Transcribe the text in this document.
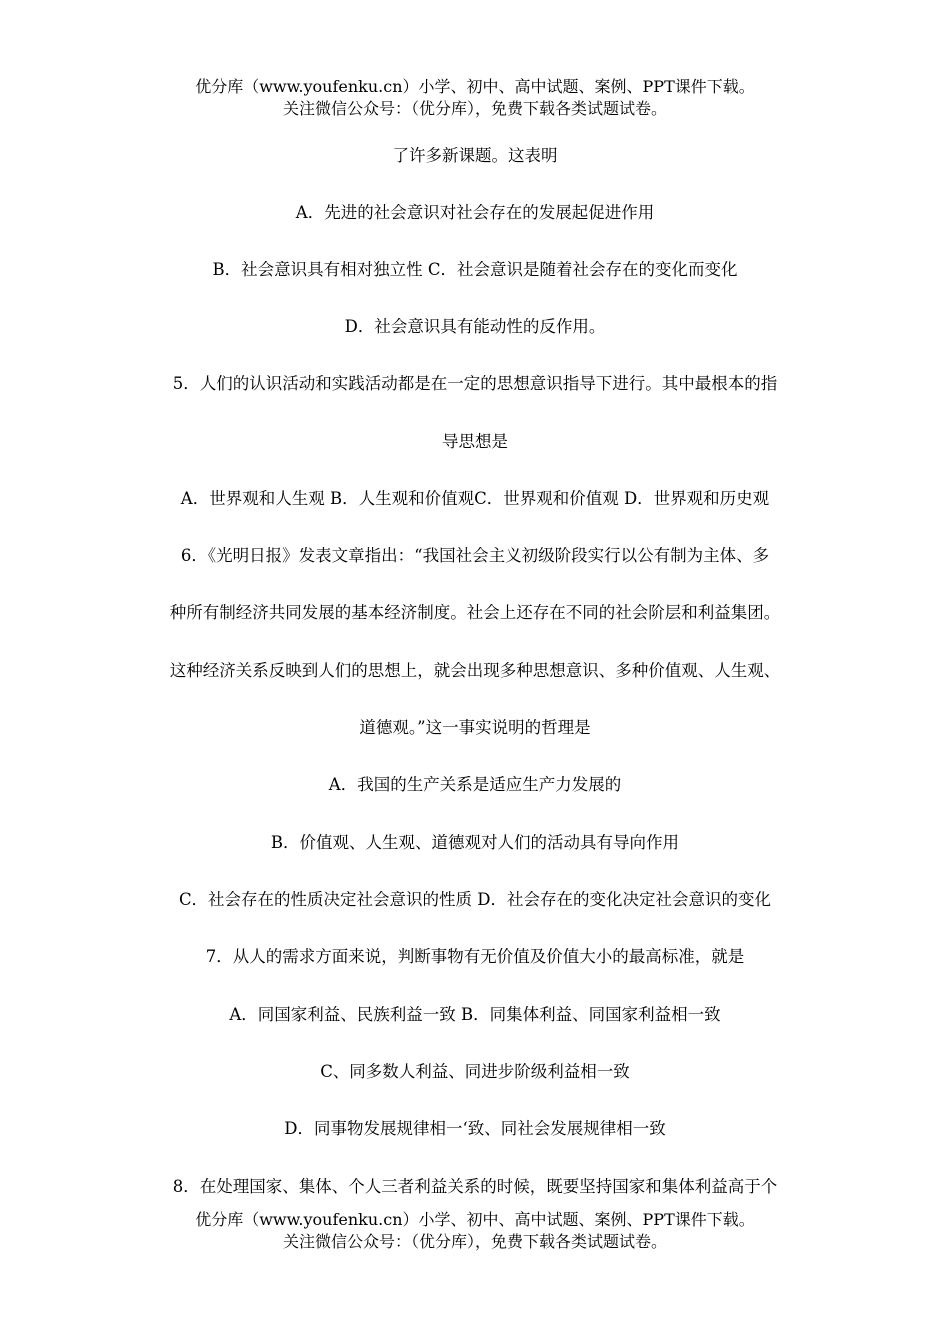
优分库（www.youfenku.cn）小学、初中、高中试题、案例、PPT课件下载。
关注微信公众号：（优分库），免费下载各类试题试卷。
了许多新课题。这表明
A．先进的社会意识对社会存在的发展起促进作用
B．社会意识具有相对独立性 C．社会意识是随着社会存在的变化而变化
D．社会意识具有能动性的反作用。
5．人们的认识活动和实践活动都是在一定的思想意识指导下进行。其中最根本的指
导思想是
A．世界观和人生观 B．人生观和价值观C．世界观和价值观 D．世界观和历史观
6．《光明日报》发表文章指出：“我国社会主义初级阶段实行以公有制为主体、多
种所有制经济共同发展的基本经济制度。社会上还存在不同的社会阶层和利益集团。
这种经济关系反映到人们的思想上，就会出现多种思想意识、多种价值观、人生观、
道德观。”这一事实说明的哲理是
A．我国的生产关系是适应生产力发展的
B．价值观、人生观、道德观对人们的活动具有导向作用
C．社会存在的性质决定社会意识的性质 D．社会存在的变化决定社会意识的变化
7．从人的需求方面来说，判断事物有无价值及价值大小的最高标准，就是
A．同国家利益、民族利益一致 B．同集体利益、同国家利益相一致
C、同多数人利益、同进步阶级利益相一致
D．同事物发展规律相一‘致、同社会发展规律相一致
8．在处理国家、集体、个人三者利益关系的时候，既要坚持国家和集体利益高于个
优分库（www.youfenku.cn）小学、初中、高中试题、案例、PPT课件下载。
关注微信公众号：（优分库），免费下载各类试题试卷。
